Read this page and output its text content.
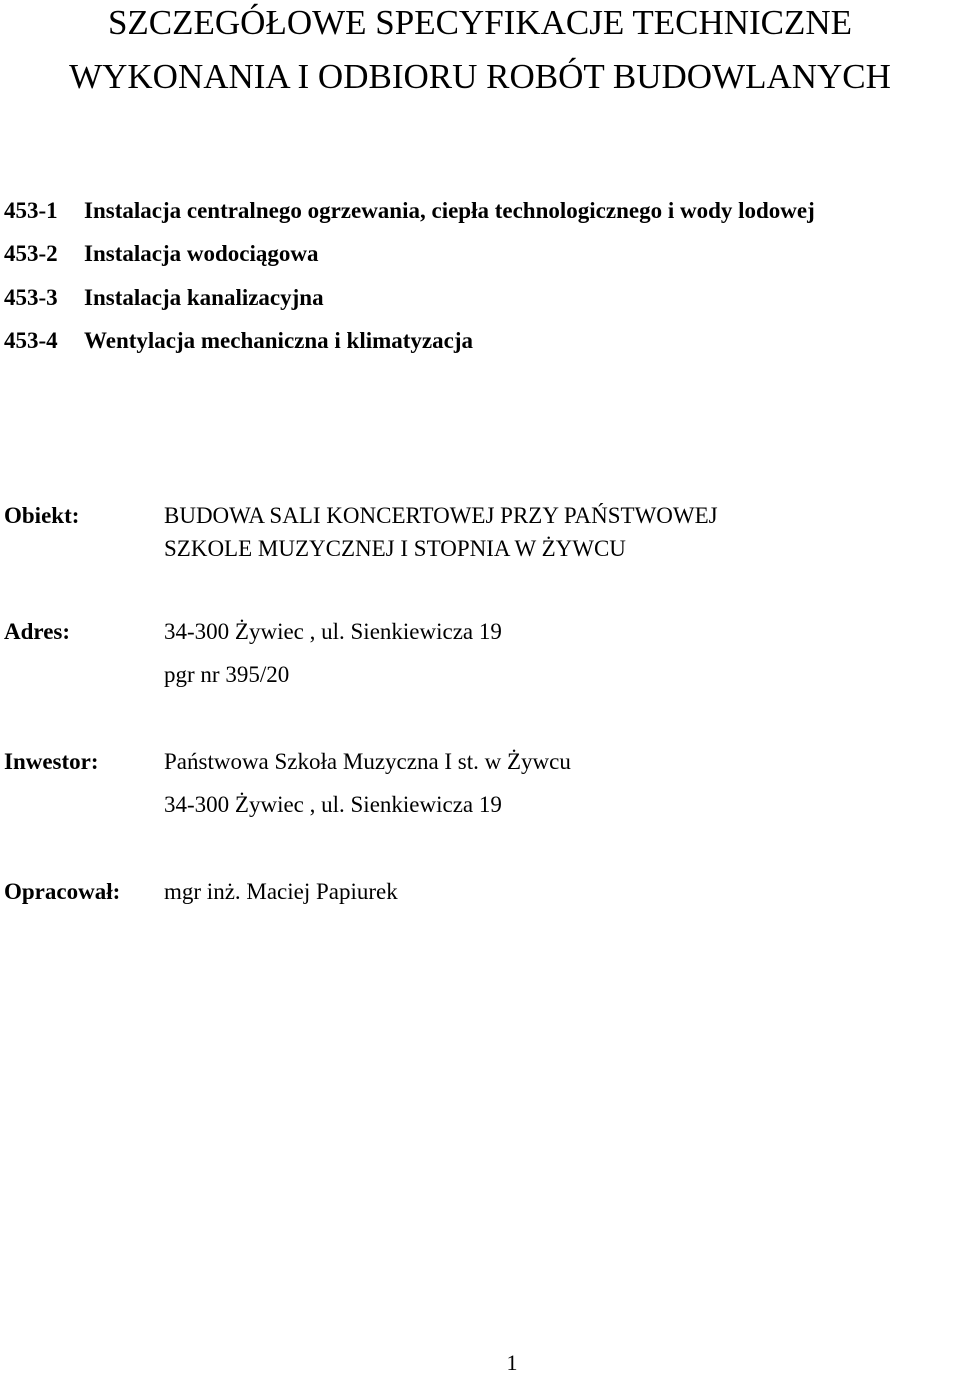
SZCZEGÓŁOWE SPECYFIKACJE TECHNICZNE
WYKONANIA I ODBIORU ROBÓT BUDOWLANYCH
453-1 Instalacja centralnego ogrzewania, ciepła technologicznego i wody lodowej
453-2 Instalacja wodociągowa
453-3 Instalacja kanalizacyjna
453-4 Wentylacja mechaniczna i klimatyzacja
Obiekt:	BUDOWA SALI KONCERTOWEJ PRZY PAŃSTWOWEJ
SZKOLE MUZYCZNEJ I STOPNIA W ŻYWCU
Adres:	34-300 Żywiec , ul. Sienkiewicza 19
pgr nr 395/20
Inwestor:	Państwowa Szkoła Muzyczna I st. w Żywcu
34-300 Żywiec , ul. Sienkiewicza 19
Opracował: mgr inż. Maciej Papiurek
1
